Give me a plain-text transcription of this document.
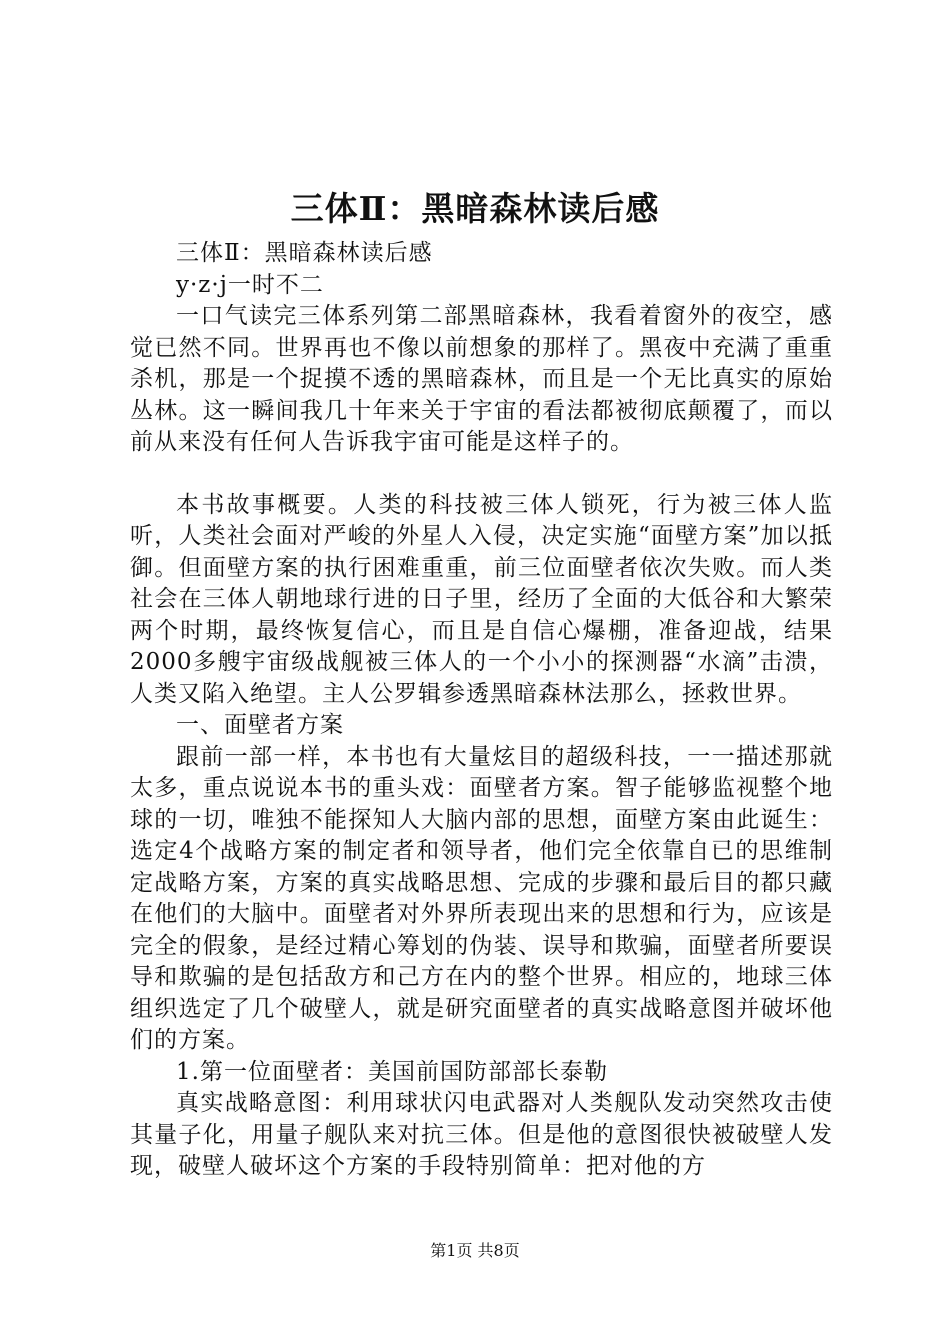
三体Ⅱ：黑暗森林读后感

三体Ⅱ：黑暗森林读后感

y·z·j一时不二

一口气读完三体系列第二部黑暗森林，我看着窗外的夜空，感觉已然不同。世界再也不像以前想象的那样了。黑夜中充满了重重杀机，那是一个捉摸不透的黑暗森林，而且是一个无比真实的原始丛林。这一瞬间我几十年来关于宇宙的看法都被彻底颠覆了，而以前从来没有任何人告诉我宇宙可能是这样子的。

本书故事概要。人类的科技被三体人锁死，行为被三体人监听，人类社会面对严峻的外星人入侵，决定实施“面壁方案”加以抵御。但面壁方案的执行困难重重，前三位面壁者依次失败。而人类社会在三体人朝地球行进的日子里，经历了全面的大低谷和大繁荣两个时期，最终恢复信心，而且是自信心爆棚，准备迎战，结果2000多艘宇宙级战舰被三体人的一个小小的探测器“水滴”击溃，人类又陷入绝望。主人公罗辑参透黑暗森林法那么，拯救世界。

一、面壁者方案

跟前一部一样，本书也有大量炫目的超级科技，一一描述那就太多，重点说说本书的重头戏：面壁者方案。智子能够监视整个地球的一切，唯独不能探知人大脑内部的思想，面壁方案由此诞生：选定4个战略方案的制定者和领导者，他们完全依靠自已的思维制定战略方案，方案的真实战略思想、完成的步骤和最后目的都只藏在他们的大脑中。面壁者对外界所表现出来的思想和行为，应该是完全的假象，是经过精心筹划的伪装、误导和欺骗，面壁者所要误导和欺骗的是包括敌方和己方在内的整个世界。相应的，地球三体组织选定了几个破壁人，就是研究面壁者的真实战略意图并破坏他们的方案。

1.第一位面壁者：美国前国防部部长泰勒

真实战略意图：利用球状闪电武器对人类舰队发动突然攻击使其量子化，用量子舰队来对抗三体。但是他的意图很快被破壁人发现，破壁人破坏这个方案的手段特别简单：把对他的方

第1页 共8页
